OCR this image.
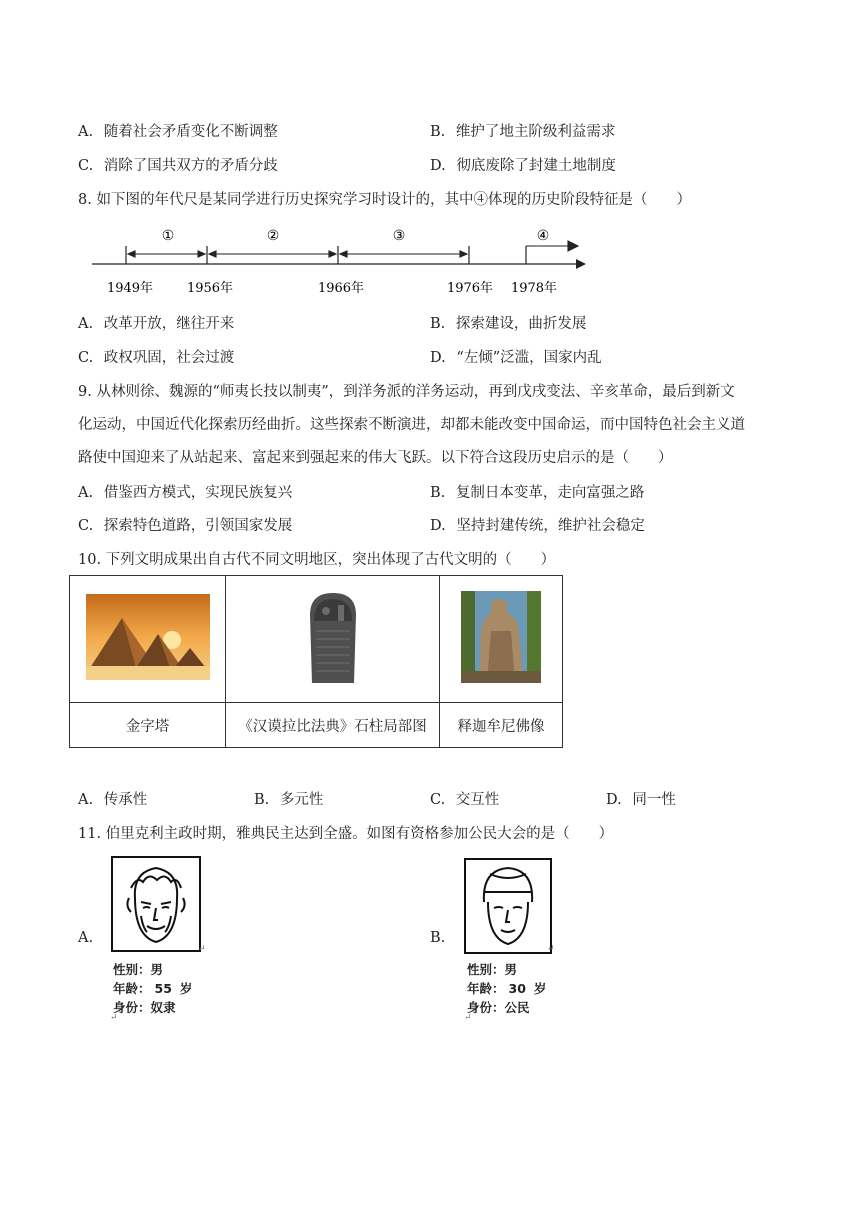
A. 随着社会矛盾变化不断调整	B. 维护了地主阶级利益需求
C. 消除了国共双方的矛盾分歧	D. 彻底废除了封建土地制度
8. 如下图的年代尺是某同学进行历史探究学习时设计的，其中④体现的历史阶段特征是（　　）
①	②	③	④
1949年	1956年	1966年	1976年 1978年
A. 改革开放，继往开来	B. 探索建设，曲折发展
C. 政权巩固，社会过渡	D. “左倾”泛滥，国家内乱
9. 从林则徐、魏源的“师夷长技以制夷”，到洋务派的洋务运动，再到戊戌变法、辛亥革命，最后到新文
化运动，中国近代化探索历经曲折。这些探索不断演进，却都未能改变中国命运，而中国特色社会主义道
路使中国迎来了从站起来、富起来到强起来的伟大飞跃。以下符合这段历史启示的是（　　）
A. 借鉴西方模式，实现民族复兴	B. 复制日本变革，走向富强之路
C. 探索特色道路，引领国家发展	D. 坚持封建传统，维护社会稳定
10. 下列文明成果出自古代不同文明地区，突出体现了古代文明的（　　）

金字塔	《汉谟拉比法典》石柱局部图	释迦牟尼佛像
A. 传承性	B. 多元性	C. 交互性	D. 同一性
11. 伯里克利主政时期，雅典民主达到全盛。如图有资格参加公民大会的是（　　）
A.
↵
性别：男
年龄： 55 岁
身份：奴隶
↵
B.
↵
性别：男
年龄： 30 岁
身份：公民
↵
